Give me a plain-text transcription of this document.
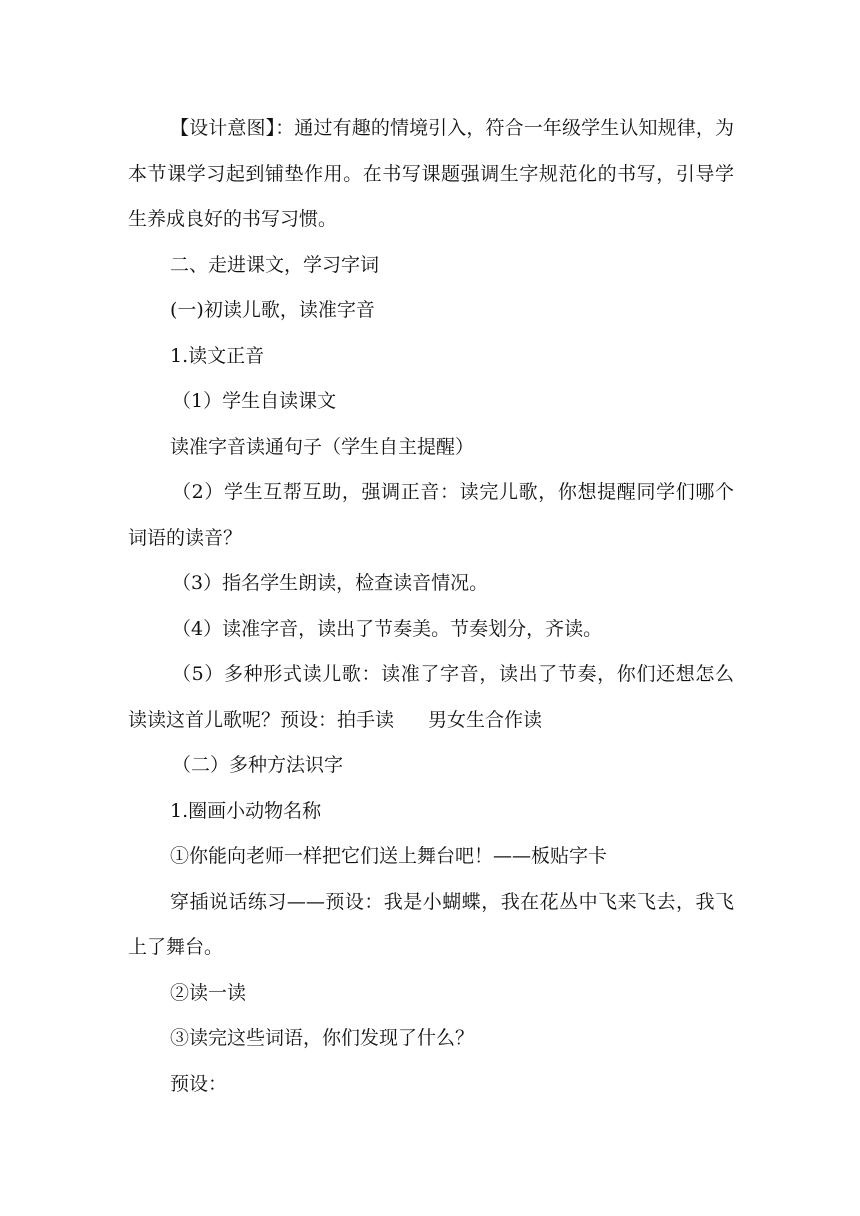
【设计意图】：通过有趣的情境引入，符合一年级学生认知规律，为本节课学习起到铺垫作用。在书写课题强调生字规范化的书写，引导学生养成良好的书写习惯。

二、走进课文，学习字词

(一)初读儿歌，读准字音

1.读文正音

（1）学生自读课文

读准字音读通句子（学生自主提醒）

（2）学生互帮互助，强调正音：读完儿歌，你想提醒同学们哪个词语的读音？

（3）指名学生朗读，检查读音情况。

（4）读准字音，读出了节奏美。节奏划分，齐读。

（5）多种形式读儿歌：读准了字音，读出了节奏，你们还想怎么读读这首儿歌呢？预设：拍手读 男女生合作读

（二）多种方法识字

1.圈画小动物名称

①你能向老师一样把它们送上舞台吧！——板贴字卡

穿插说话练习——预设：我是小蝴蝶，我在花丛中飞来飞去，我飞上了舞台。

②读一读

③读完这些词语，你们发现了什么？

预设：
